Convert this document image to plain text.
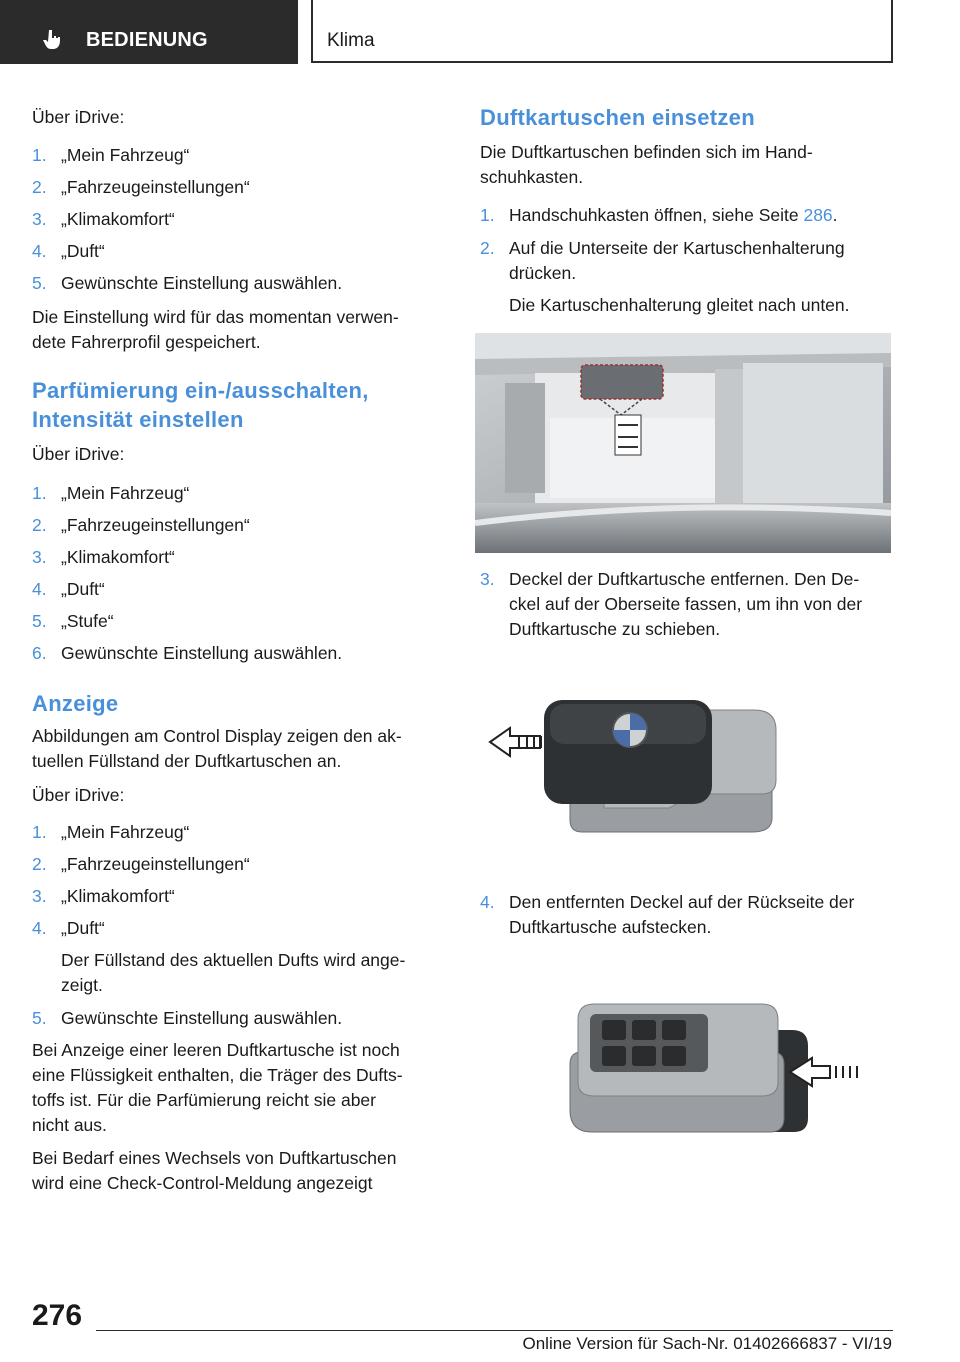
BEDIENUNG	Klima

Über iDrive:

1. „Mein Fahrzeug“
2. „Fahrzeugeinstellungen“
3. „Klimakomfort“
4. „Duft“
5. Gewünschte Einstellung auswählen.

Die Einstellung wird für das momentan verwen-

dete Fahrerprofil gespeichert.

Parfümierung ein-/ausschalten,
Intensität einstellen

Über iDrive:

1. „Mein Fahrzeug“
2. „Fahrzeugeinstellungen“
3. „Klimakomfort“
4. „Duft“
5. „Stufe“
6. Gewünschte Einstellung auswählen.
Anzeige

Abbildungen am Control Display zeigen den ak-

tuellen Füllstand der Duftkartuschen an.

Über iDrive:

1. „Mein Fahrzeug“
2. „Fahrzeugeinstellungen“
3. „Klimakomfort“
4. „Duft“
Der Füllstand des aktuellen Dufts wird ange-
zeigt.
5. Gewünschte Einstellung auswählen.

Bei Anzeige einer leeren Duftkartusche ist noch

eine Flüssigkeit enthalten, die Träger des Dufts-

toffs ist. Für die Parfümierung reicht sie aber

nicht aus.

Bei Bedarf eines Wechsels von Duftkartuschen

wird eine Check-Control-Meldung angezeigt

Duftkartuschen einsetzen

Die Duftkartuschen befinden sich im Hand-

schuhkasten.

1. Handschuhkasten öffnen, siehe Seite 286.
2. Auf die Unterseite der Kartuschenhalterung
drücken.
Die Kartuschenhalterung gleitet nach unten.
3. Deckel der Duftkartusche entfernen. Den De-
ckel auf der Oberseite fassen, um ihn von der
Duftkartusche zu schieben.
4. Den entfernten Deckel auf der Rückseite der
Duftkartusche aufstecken.
276
Online Version für Sach-Nr. 01402666837 - VI/19
